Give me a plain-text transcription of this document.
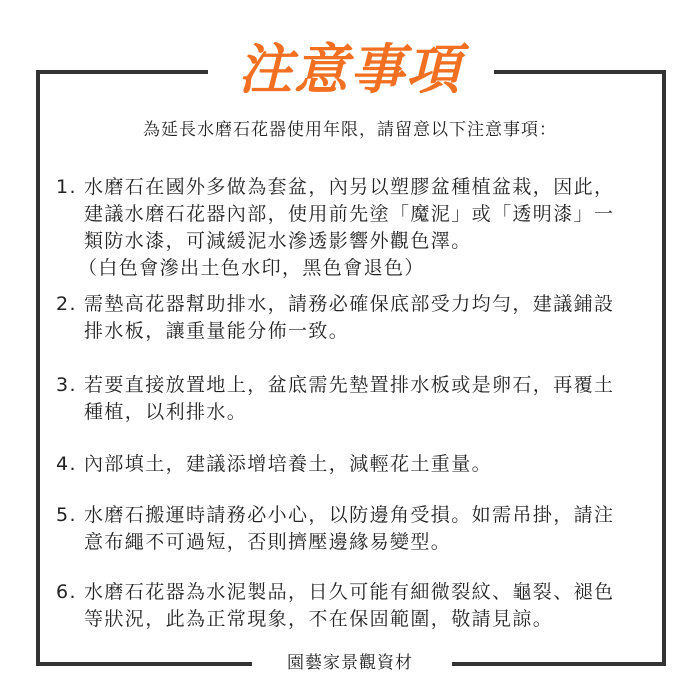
注意事項
為延長水磨石花器使用年限，請留意以下注意事項：
1. 水磨石在國外多做為套盆，內另以塑膠盆種植盆栽，因此，
建議水磨石花器內部，使用前先塗「魔泥」或「透明漆」一
類防水漆，可減緩泥水滲透影響外觀色澤。
（白色會滲出土色水印，黑色會退色）
2. 需墊高花器幫助排水，請務必確保底部受力均勻，建議鋪設
排水板，讓重量能分佈一致。
3. 若要直接放置地上，盆底需先墊置排水板或是卵石，再覆土
種植，以利排水。
4. 內部填土，建議添增培養土，減輕花土重量。
5. 水磨石搬運時請務必小心，以防邊角受損。如需吊掛，請注
意布繩不可過短，否則擠壓邊緣易變型。
6. 水磨石花器為水泥製品，日久可能有細微裂紋、龜裂、褪色
等狀況，此為正常現象，不在保固範圍，敬請見諒。
園藝家景觀資材
